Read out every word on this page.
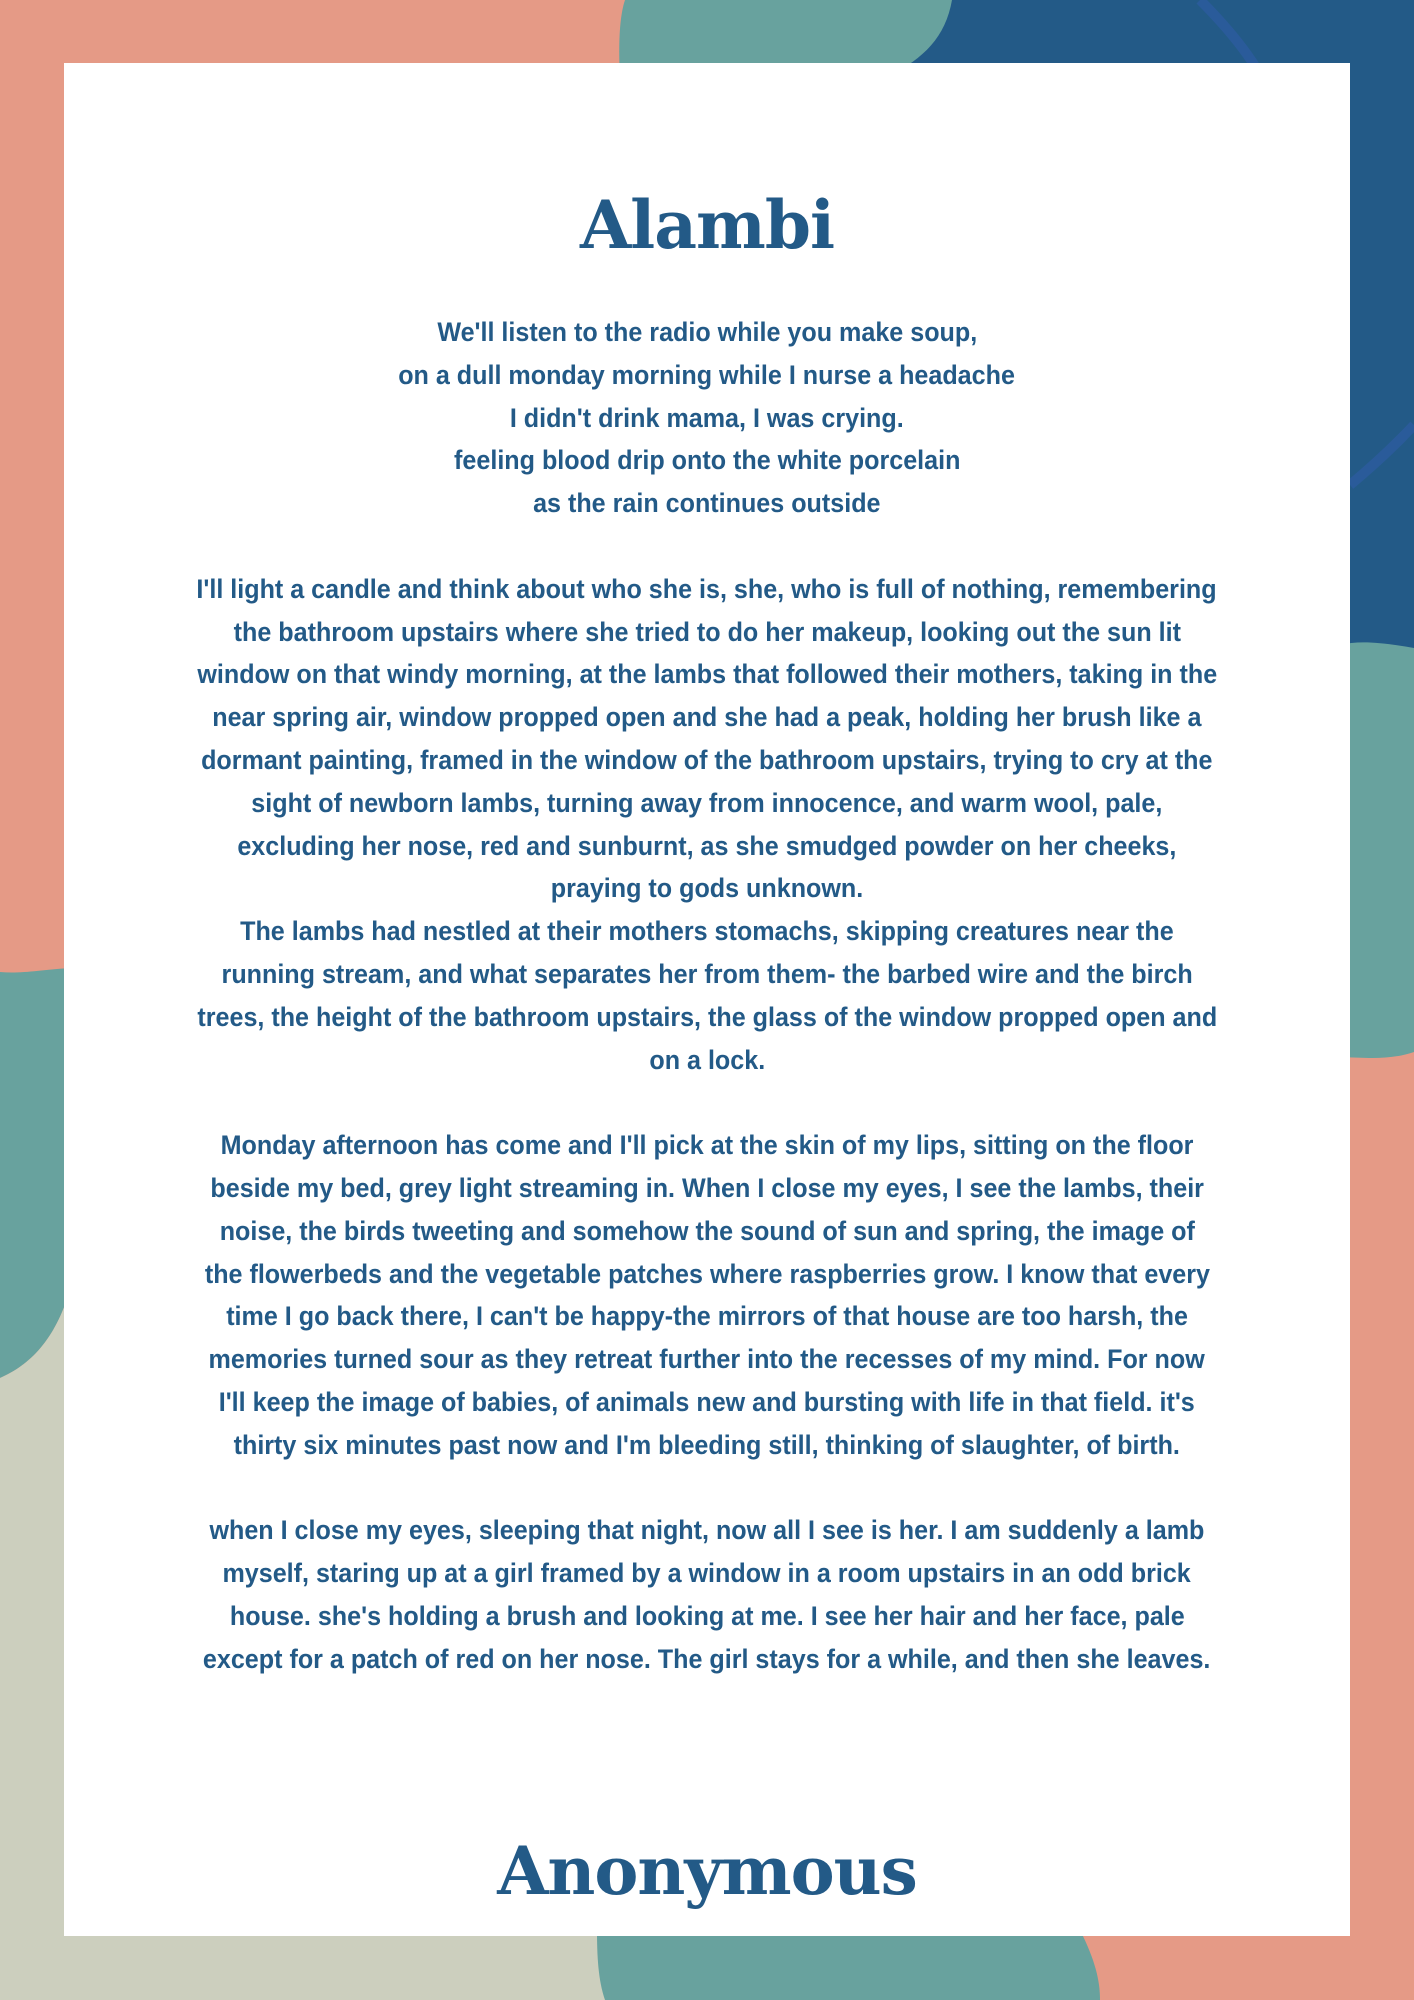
Alambi
We'll listen to the radio while you make soup,
on a dull monday morning while I nurse a headache
I didn't drink mama, I was crying.
feeling blood drip onto the white porcelain
as the rain continues outside
I'll light a candle and think about who she is, she, who is full of nothing, remembering
the bathroom upstairs where she tried to do her makeup, looking out the sun lit
window on that windy morning, at the lambs that followed their mothers, taking in the
near spring air, window propped open and she had a peak, holding her brush like a
dormant painting, framed in the window of the bathroom upstairs, trying to cry at the
sight of newborn lambs, turning away from innocence, and warm wool, pale,
excluding her nose, red and sunburnt, as she smudged powder on her cheeks,
praying to gods unknown.
The lambs had nestled at their mothers stomachs, skipping creatures near the
running stream, and what separates her from them- the barbed wire and the birch
trees, the height of the bathroom upstairs, the glass of the window propped open and
on a lock.
Monday afternoon has come and I'll pick at the skin of my lips, sitting on the floor
beside my bed, grey light streaming in. When I close my eyes, I see the lambs, their
noise, the birds tweeting and somehow the sound of sun and spring, the image of
the flowerbeds and the vegetable patches where raspberries grow. I know that every
time I go back there, I can't be happy-the mirrors of that house are too harsh, the
memories turned sour as they retreat further into the recesses of my mind. For now
I'll keep the image of babies, of animals new and bursting with life in that field. it's
thirty six minutes past now and I'm bleeding still, thinking of slaughter, of birth.
when I close my eyes, sleeping that night, now all I see is her. I am suddenly a lamb
myself, staring up at a girl framed by a window in a room upstairs in an odd brick
house. she's holding a brush and looking at me. I see her hair and her face, pale
except for a patch of red on her nose. The girl stays for a while, and then she leaves.
Anonymous
